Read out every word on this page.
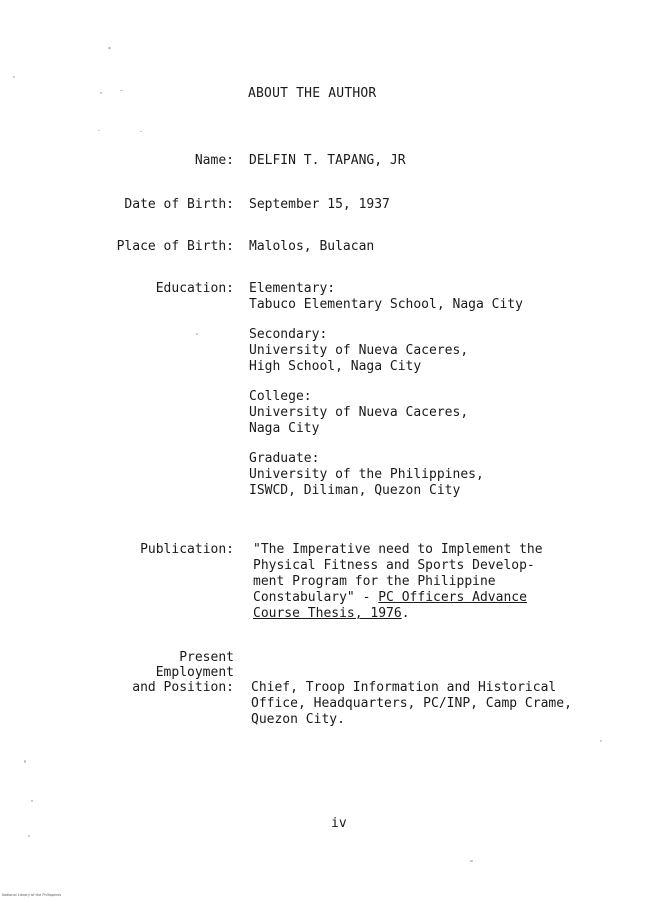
ABOUT THE AUTHOR
Name: DELFIN T. TAPANG, JR
Date of Birth: September 15, 1937
Place of Birth: Malolos, Bulacan
Education: Elementary:
Tabuco Elementary School, Naga City
Secondary:
University of Nueva Caceres,
High School, Naga City
College:
University of Nueva Caceres,
Naga City
Graduate:
University of the Philippines,
ISWCD, Diliman, Quezon City
Publication: "The Imperative need to Implement the
Physical Fitness and Sports Develop-
ment Program for the Philippine
Constabulary" - PC Officers Advance
Course Thesis, 1976.
Present
Employment
and Position: Chief, Troop Information and Historical
Office, Headquarters, PC/INP, Camp Crame,
Quezon City.
iv
National Library of the Philippines
